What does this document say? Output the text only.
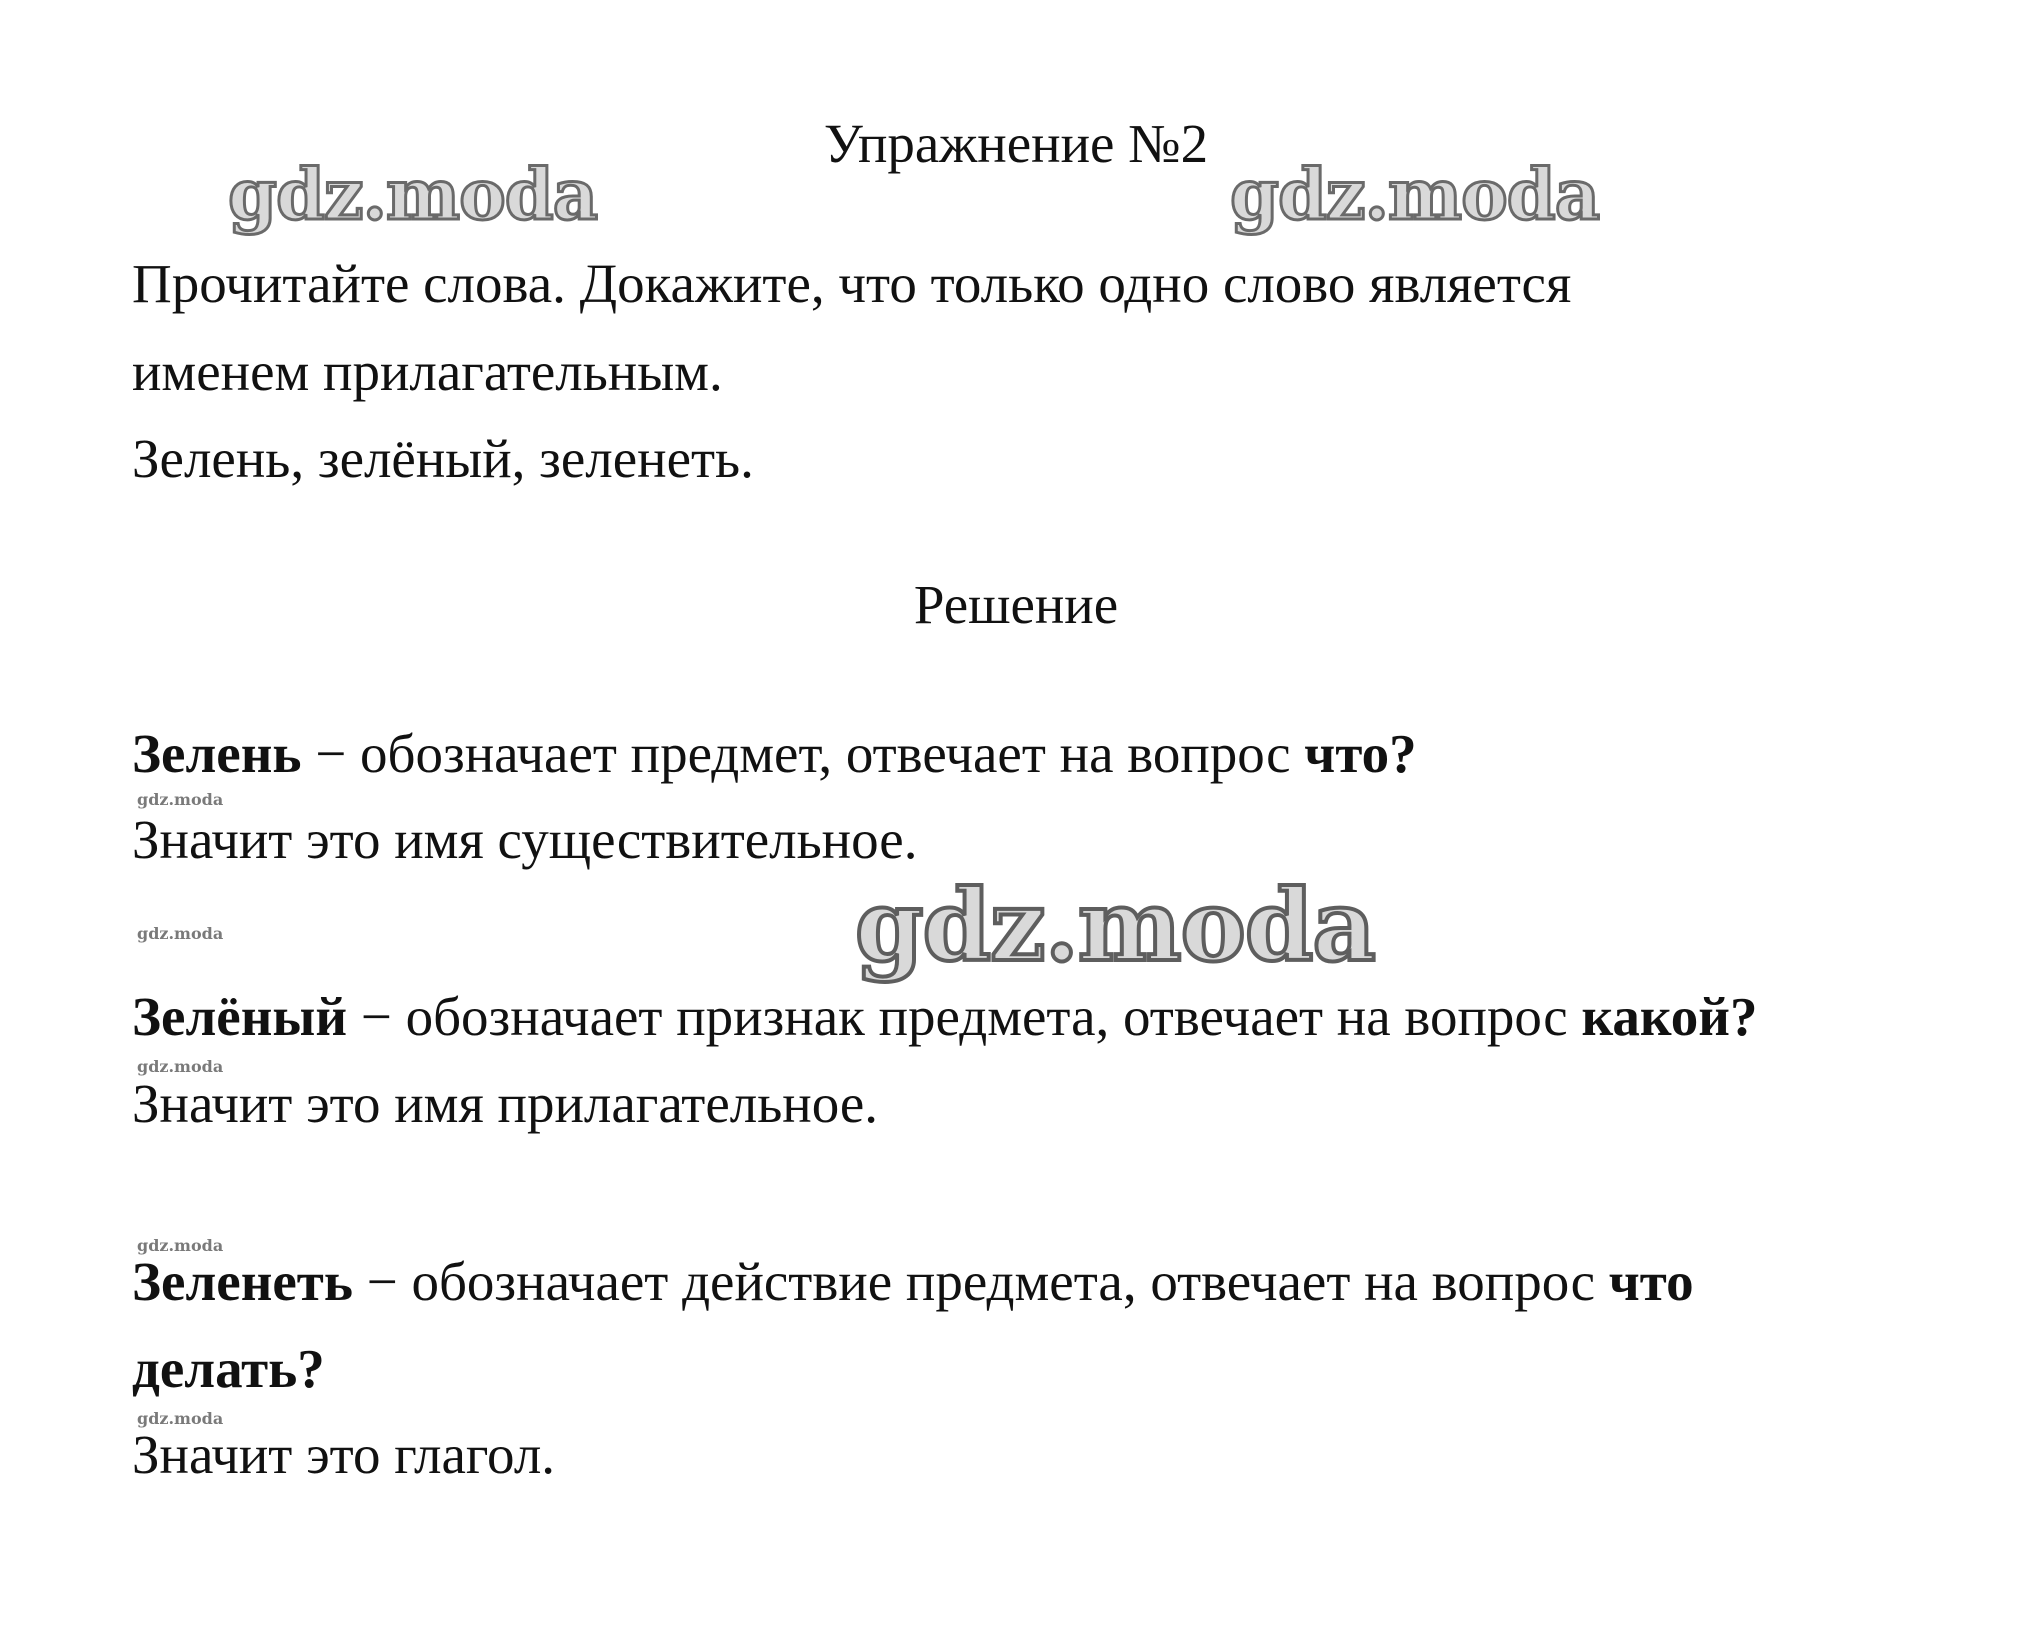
gdz.moda	gdz.moda
gdz.moda
gdz.moda
gdz.moda
gdz.moda
gdz.moda
gdz.moda
Упражнение №2
Прочитайте слова. Докажите, что только одно слово является
именем прилагательным.
Зелень, зелёный, зеленеть.
Решение
Зелень − обозначает предмет, отвечает на вопрос что?
Значит это имя существительное.
Зелёный − обозначает признак предмета, отвечает на вопрос какой?
Значит это имя прилагательное.
Зеленеть − обозначает действие предмета, отвечает на вопрос что
делать?
Значит это глагол.
